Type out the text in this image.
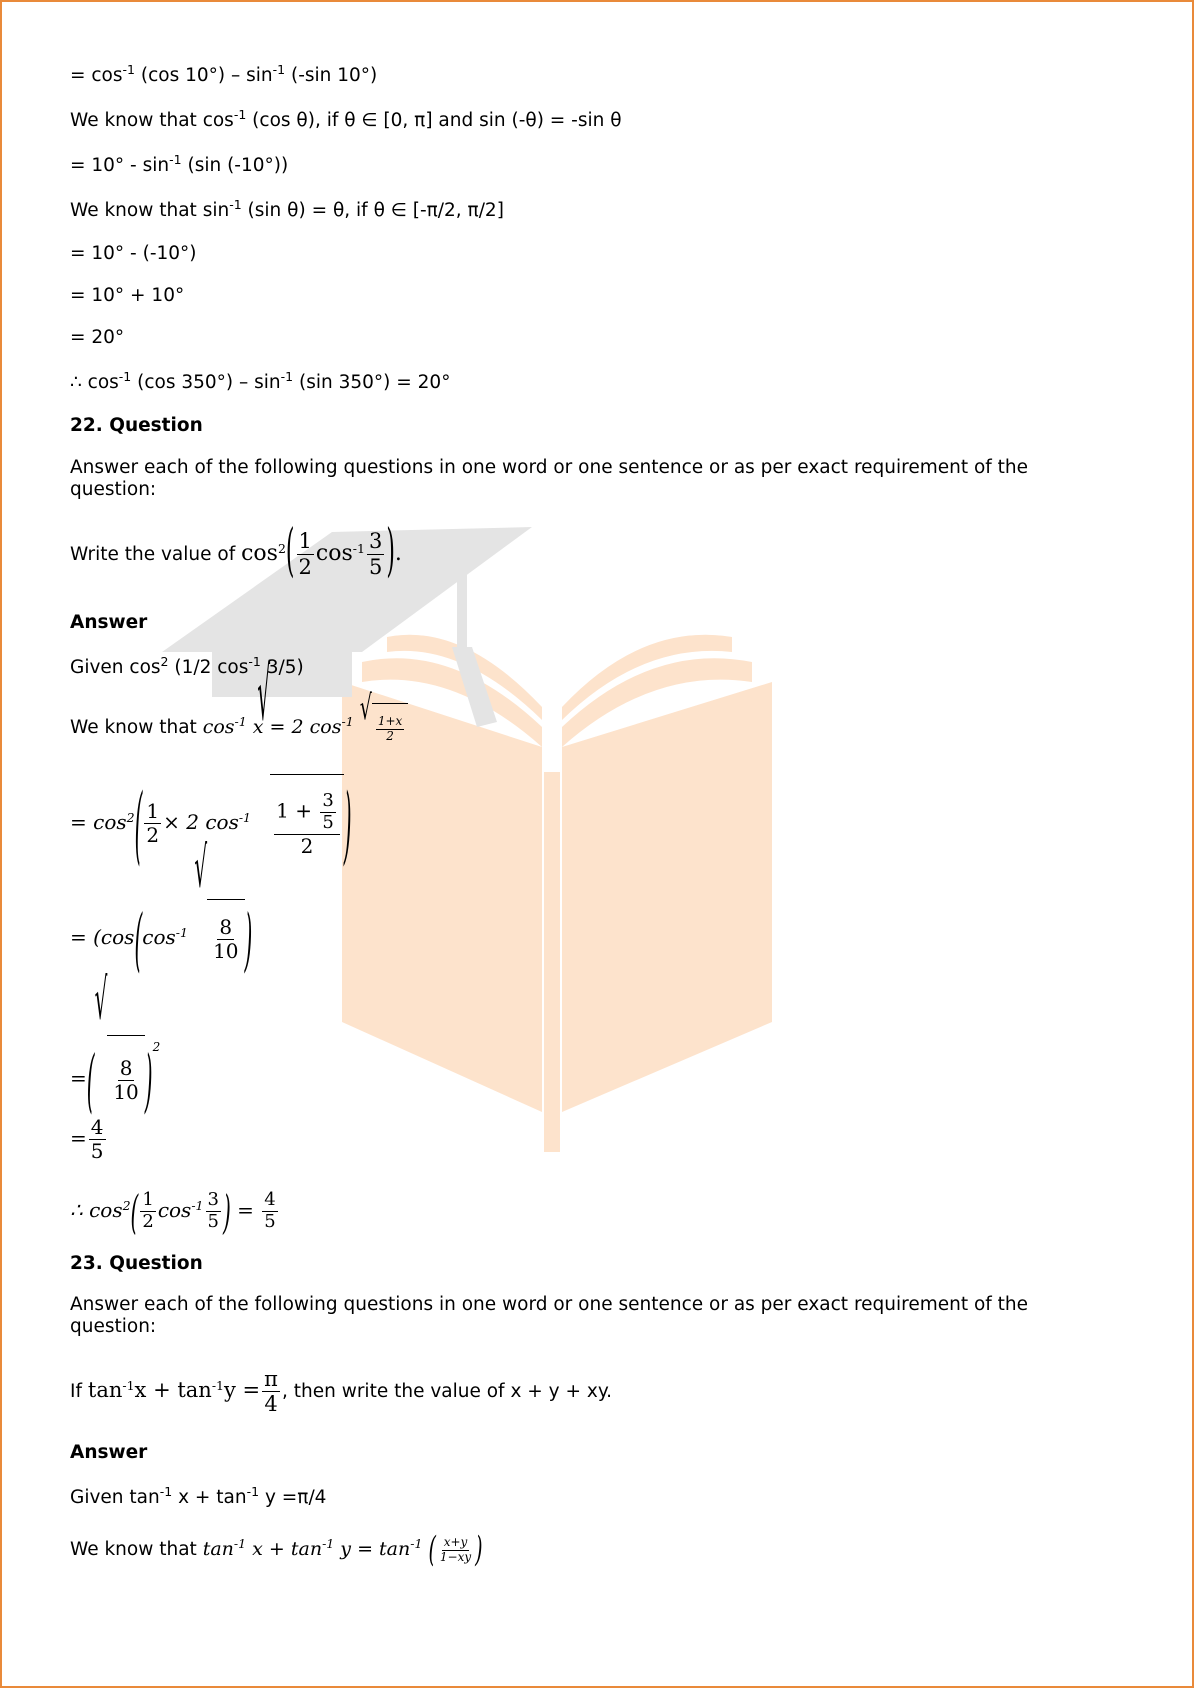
= $\cos^{-1} (\cos$ $10^\circ) - \sin^{-1} (-\sin$ 10°)
We know that $\cos^{-1} (\cos$ θ), if θ ∈ [0, π] and sin (-θ) = -sin θ
= $10^\circ - \sin^{-1} (\sin$ (-10°))
We know that $\sin^{-1} (\sin$ θ) = θ, if θ ∈ [-π/2, π/2]
= 10° - (-10°)
= 10° + 10°
= 20°
∴ $\cos^{-1} (\cos$ $350^\circ) - \sin^{-1} (\sin$ 350°) = 20°
22. Question
Answer each of the following questions in one word or one sentence or as per exact requirement of the question:
Write the value of $\cos^2( \frac{1}{2} \cos^{-1} \frac{3}{5}$ ).
Answer
Given $\cos^2 (1/2$ $\cos^{-1} 3/5$)
We know that $\cos^{-1} x = 2$ $\cos^{-1}$ √
$\frac{1+x}{2}$
= $\cos^2( \frac{1}{2} \times 2$ $\cos^{-1}$
√
$\frac{1 + \frac{3}{5}}{2}$ )
= ($\cos(\cos^{-1}$
√
$\frac{8}{10}$ )
=(
√
$\frac{8}{10} )^2$
= $\frac{4}{5}$
∴ $\cos^2( \frac{1}{2} \cos^{-1} \frac{3}{5}$ ) = $\frac{4}{5}$
23. Question
Answer each of the following questions in one word or one sentence or as per exact requirement of the question:
If $\tan^{-1}x + \tan^{-1}y = \frac{\pi}{4}$ , then write the value of x + y + xy.
Answer
Given $\tan^{-1} x + \tan^{-1} y =\pi/4$
We know that $\tan^{-1} x + \tan^{-1} y = \tan^{-1}$ ( $\frac{x+y}{1-xy}$ )
